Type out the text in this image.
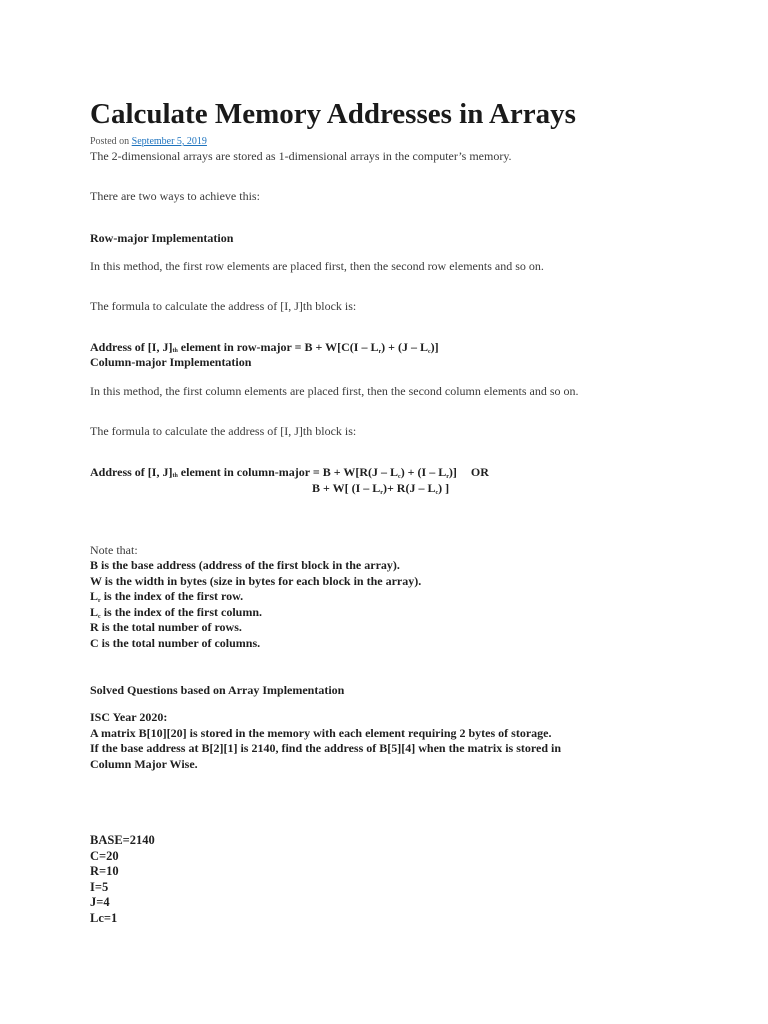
Calculate Memory Addresses in Arrays
Posted on September 5, 2019
The 2-dimensional arrays are stored as 1-dimensional arrays in the computer’s memory.
There are two ways to achieve this:
Row-major Implementation
In this method, the first row elements are placed first, then the second row elements and so on.
The formula to calculate the address of [I, J]th block is:
Address of [I, J]th element in row-major = $B + W[C(I - L_r) + (J - L_c)]$
Column-major Implementation
In this method, the first column elements are placed first, then the second column elements and so on.
The formula to calculate the address of [I, J]th block is:
Address of [I, J]th element in column-major = $B + W[R(J - L_c) + (I - L_r)]$ OR
B + W[ $(I - L_r)+ R(J - L_c)$ ]
Note that:
B is the base address (address of the first block in the array).
W is the width in bytes (size in bytes for each block in the array).
$L_r$ is the index of the first row.
$L_c$ is the index of the first column.
R is the total number of rows.
C is the total number of columns.
Solved Questions based on Array Implementation
ISC Year 2020:
A matrix B[10][20] is stored in the memory with each element requiring 2 bytes of storage.
If the base address at B[2][1] is 2140, find the address of B[5][4] when the matrix is stored in
Column Major Wise.
BASE=2140
C=20
R=10
I=5
J=4
Lc=1
